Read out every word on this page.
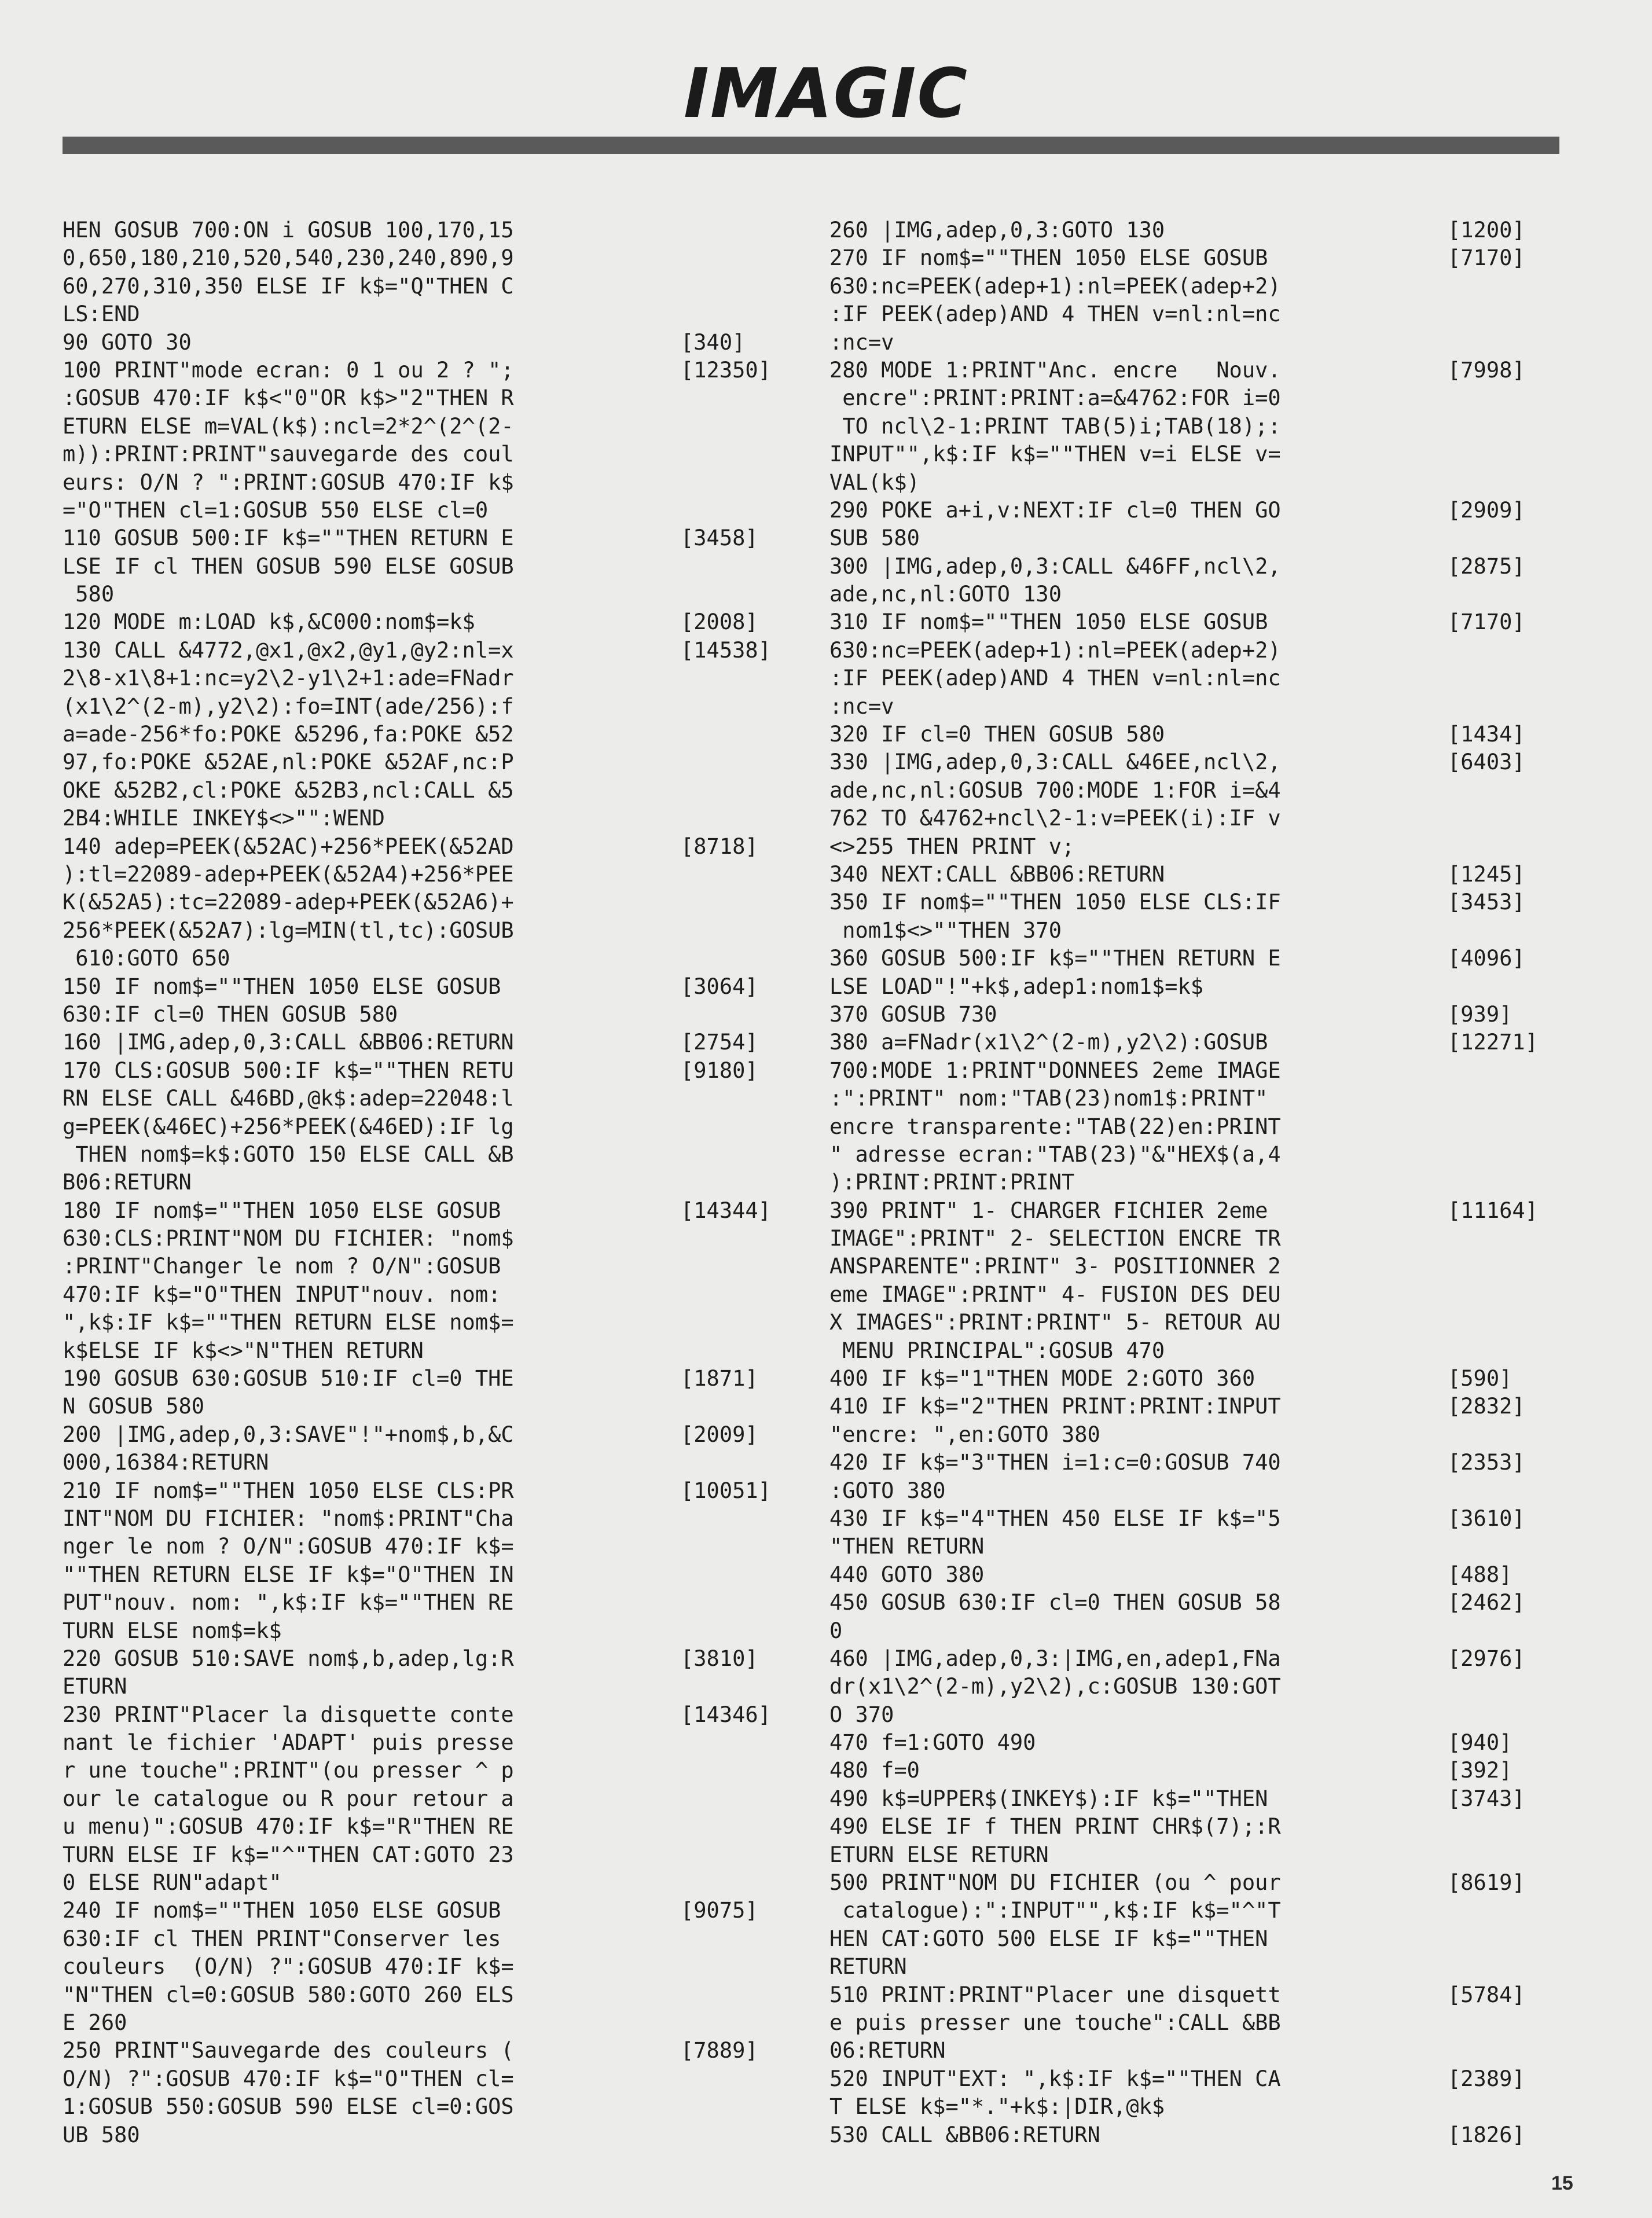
IMAGIC
HEN GOSUB 700:ON i GOSUB 100,170,15
0,650,180,210,520,540,230,240,890,9
60,270,310,350 ELSE IF k$="Q"THEN C
LS:END
90 GOTO 30	[340]
100 PRINT"mode ecran: 0 1 ou 2 ? ";	[12350]
:GOSUB 470:IF k$<"0"OR k$>"2"THEN R
ETURN ELSE m=VAL(k$):ncl=2*2^(2^(2-
m)):PRINT:PRINT"sauvegarde des coul
eurs: O/N ? ":PRINT:GOSUB 470:IF k$
="O"THEN cl=1:GOSUB 550 ELSE cl=0
110 GOSUB 500:IF k$=""THEN RETURN E	[3458]
LSE IF cl THEN GOSUB 590 ELSE GOSUB
580
120 MODE m:LOAD k$,&C000:nom$=k$	[2008]
130 CALL &4772,@x1,@x2,@y1,@y2:nl=x	[14538]
2\8-x1\8+1:nc=y2\2-y1\2+1:ade=FNadr
(x1\2^(2-m),y2\2):fo=INT(ade/256):f
a=ade-256*fo:POKE &5296,fa:POKE &52
97,fo:POKE &52AE,nl:POKE &52AF,nc:P
OKE &52B2,cl:POKE &52B3,ncl:CALL &5
2B4:WHILE INKEY$<>"":WEND
140 adep=PEEK(&52AC)+256*PEEK(&52AD	[8718]
):tl=22089-adep+PEEK(&52A4)+256*PEE
K(&52A5):tc=22089-adep+PEEK(&52A6)+
256*PEEK(&52A7):lg=MIN(tl,tc):GOSUB
610:GOTO 650
150 IF nom$=""THEN 1050 ELSE GOSUB	[3064]
630:IF cl=0 THEN GOSUB 580
160 |IMG,adep,0,3:CALL &BB06:RETURN	[2754]
170 CLS:GOSUB 500:IF k$=""THEN RETU	[9180]
RN ELSE CALL &46BD,@k$:adep=22048:l
g=PEEK(&46EC)+256*PEEK(&46ED):IF lg
THEN nom$=k$:GOTO 150 ELSE CALL &B
B06:RETURN
180 IF nom$=""THEN 1050 ELSE GOSUB	[14344]
630:CLS:PRINT"NOM DU FICHIER: "nom$
:PRINT"Changer le nom ? O/N":GOSUB
470:IF k$="O"THEN INPUT"nouv. nom:
",k$:IF k$=""THEN RETURN ELSE nom$=
k$ELSE IF k$<>"N"THEN RETURN
190 GOSUB 630:GOSUB 510:IF cl=0 THE	[1871]
N GOSUB 580
200 |IMG,adep,0,3:SAVE"!"+nom$,b,&C	[2009]
000,16384:RETURN
210 IF nom$=""THEN 1050 ELSE CLS:PR	[10051]
INT"NOM DU FICHIER: "nom$:PRINT"Cha
nger le nom ? O/N":GOSUB 470:IF k$=
""THEN RETURN ELSE IF k$="O"THEN IN
PUT"nouv. nom: ",k$:IF k$=""THEN RE
TURN ELSE nom$=k$
220 GOSUB 510:SAVE nom$,b,adep,lg:R	[3810]
ETURN
230 PRINT"Placer la disquette conte	[14346]
nant le fichier 'ADAPT' puis presse
r une touche":PRINT"(ou presser ^ p
our le catalogue ou R pour retour a
u menu)":GOSUB 470:IF k$="R"THEN RE
TURN ELSE IF k$="^"THEN CAT:GOTO 23
0 ELSE RUN"adapt"
240 IF nom$=""THEN 1050 ELSE GOSUB	[9075]
630:IF cl THEN PRINT"Conserver les
couleurs  (O/N) ?":GOSUB 470:IF k$=
"N"THEN cl=0:GOSUB 580:GOTO 260 ELS
E 260
250 PRINT"Sauvegarde des couleurs (	[7889]
O/N) ?":GOSUB 470:IF k$="O"THEN cl=
1:GOSUB 550:GOSUB 590 ELSE cl=0:GOS
UB 580
260 |IMG,adep,0,3:GOTO 130	[1200]
270 IF nom$=""THEN 1050 ELSE GOSUB	[7170]
630:nc=PEEK(adep+1):nl=PEEK(adep+2)
:IF PEEK(adep)AND 4 THEN v=nl:nl=nc
:nc=v
280 MODE 1:PRINT"Anc. encre   Nouv.	[7998]
encre":PRINT:PRINT:a=&4762:FOR i=0
TO ncl\2-1:PRINT TAB(5)i;TAB(18);:
INPUT"",k$:IF k$=""THEN v=i ELSE v=
VAL(k$)
290 POKE a+i,v:NEXT:IF cl=0 THEN GO	[2909]
SUB 580
300 |IMG,adep,0,3:CALL &46FF,ncl\2,	[2875]
ade,nc,nl:GOTO 130
310 IF nom$=""THEN 1050 ELSE GOSUB	[7170]
630:nc=PEEK(adep+1):nl=PEEK(adep+2)
:IF PEEK(adep)AND 4 THEN v=nl:nl=nc
:nc=v
320 IF cl=0 THEN GOSUB 580	[1434]
330 |IMG,adep,0,3:CALL &46EE,ncl\2,	[6403]
ade,nc,nl:GOSUB 700:MODE 1:FOR i=&4
762 TO &4762+ncl\2-1:v=PEEK(i):IF v
<>255 THEN PRINT v;
340 NEXT:CALL &BB06:RETURN	[1245]
350 IF nom$=""THEN 1050 ELSE CLS:IF	[3453]
nom1$<>""THEN 370
360 GOSUB 500:IF k$=""THEN RETURN E	[4096]
LSE LOAD"!"+k$,adep1:nom1$=k$
370 GOSUB 730	[939]
380 a=FNadr(x1\2^(2-m),y2\2):GOSUB	[12271]
700:MODE 1:PRINT"DONNEES 2eme IMAGE
:":PRINT" nom:"TAB(23)nom1$:PRINT"
encre transparente:"TAB(22)en:PRINT
" adresse ecran:"TAB(23)"&"HEX$(a,4
):PRINT:PRINT:PRINT
390 PRINT" 1- CHARGER FICHIER 2eme	[11164]
IMAGE":PRINT" 2- SELECTION ENCRE TR
ANSPARENTE":PRINT" 3- POSITIONNER 2
eme IMAGE":PRINT" 4- FUSION DES DEU
X IMAGES":PRINT:PRINT" 5- RETOUR AU
MENU PRINCIPAL":GOSUB 470
400 IF k$="1"THEN MODE 2:GOTO 360	[590]
410 IF k$="2"THEN PRINT:PRINT:INPUT	[2832]
"encre: ",en:GOTO 380
420 IF k$="3"THEN i=1:c=0:GOSUB 740	[2353]
:GOTO 380
430 IF k$="4"THEN 450 ELSE IF k$="5	[3610]
"THEN RETURN
440 GOTO 380	[488]
450 GOSUB 630:IF cl=0 THEN GOSUB 58	[2462]
0
460 |IMG,adep,0,3:|IMG,en,adep1,FNa	[2976]
dr(x1\2^(2-m),y2\2),c:GOSUB 130:GOT
O 370
470 f=1:GOTO 490	[940]
480 f=0	[392]
490 k$=UPPER$(INKEY$):IF k$=""THEN	[3743]
490 ELSE IF f THEN PRINT CHR$(7);:R
ETURN ELSE RETURN
500 PRINT"NOM DU FICHIER (ou ^ pour	[8619]
catalogue):":INPUT"",k$:IF k$="^"T
HEN CAT:GOTO 500 ELSE IF k$=""THEN
RETURN
510 PRINT:PRINT"Placer une disquett	[5784]
e puis presser une touche":CALL &BB
06:RETURN
520 INPUT"EXT: ",k$:IF k$=""THEN CA	[2389]
T ELSE k$="*."+k$:|DIR,@k$
530 CALL &BB06:RETURN	[1826]
15
